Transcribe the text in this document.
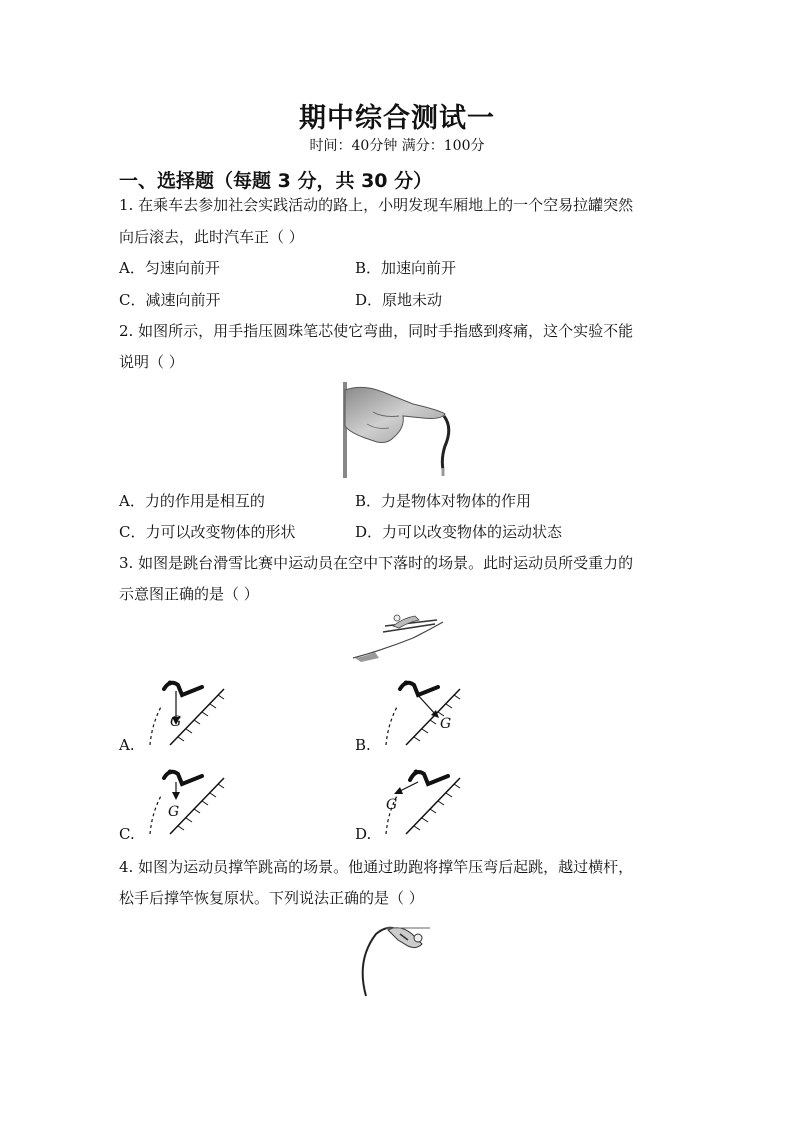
期中综合测试一
时间：40分钟 满分：100分
一、选择题（每题 3 分，共 30 分）
1. 在乘车去参加社会实践活动的路上，小明发现车厢地上的一个空易拉罐突然
向后滚去，此时汽车正（ ）
A．匀速向前开	B．加速向前开
C．减速向前开	D．原地未动
2. 如图所示，用手指压圆珠笔芯使它弯曲，同时手指感到疼痛，这个实验不能
说明（ ）
A．力的作用是相互的	B．力是物体对物体的作用
C．力可以改变物体的形状	D．力可以改变物体的运动状态
3. 如图是跳台滑雪比赛中运动员在空中下落时的场景。此时运动员所受重力的
示意图正确的是（ ）
G
A.
G
B.
G
C.
G
D.
4. 如图为运动员撑竿跳高的场景。他通过助跑将撑竿压弯后起跳，越过横杆，
松手后撑竿恢复原状。下列说法正确的是（ ）
